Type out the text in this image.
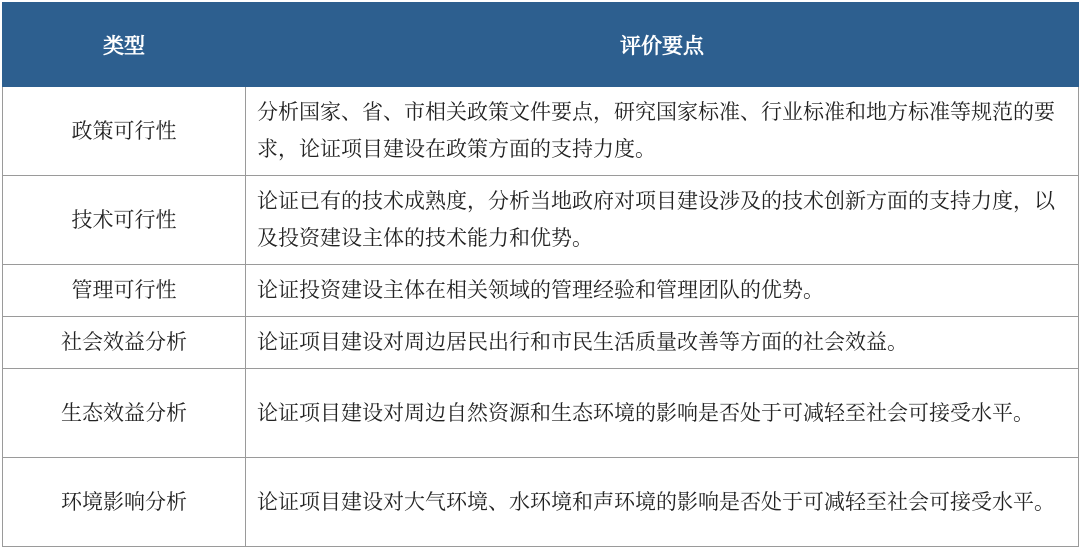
类型	评价要点
政策可行性	分析国家、省、市相关政策文件要点，研究国家标准、行业标准和地方标准等规范的要求，论证项目建设在政策方面的支持力度。
技术可行性	论证已有的技术成熟度，分析当地政府对项目建设涉及的技术创新方面的支持力度，以及投资建设主体的技术能力和优势。
管理可行性	论证投资建设主体在相关领域的管理经验和管理团队的优势。
社会效益分析	论证项目建设对周边居民出行和市民生活质量改善等方面的社会效益。
生态效益分析	论证项目建设对周边自然资源和生态环境的影响是否处于可减轻至社会可接受水平。
环境影响分析	论证项目建设对大气环境、水环境和声环境的影响是否处于可减轻至社会可接受水平。
